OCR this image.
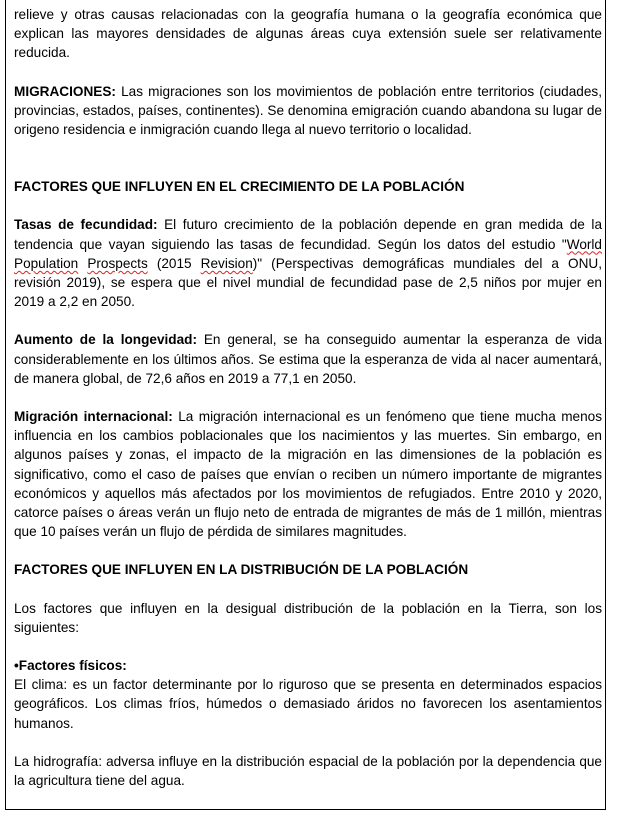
relieve y otras causas relacionadas con la geografía humana o la geografía económica que explican las mayores densidades de algunas áreas cuya extensión suele ser relativamente reducida.

MIGRACIONES: Las migraciones son los movimientos de población entre territorios (ciudades, provincias, estados, países, continentes). Se denomina emigración cuando abandona su lugar de origeno residencia e inmigración cuando llega al nuevo territorio o localidad.

FACTORES QUE INFLUYEN EN EL CRECIMIENTO DE LA POBLACIÓN

Tasas de fecundidad: El futuro crecimiento de la población depende en gran medida de la tendencia que vayan siguiendo las tasas de fecundidad. Según los datos del estudio "World Population Prospects (2015 Revision)" (Perspectivas demográficas mundiales del a ONU, revisión 2019), se espera que el nivel mundial de fecundidad pase de 2,5 niños por mujer en 2019 a 2,2 en 2050.

Aumento de la longevidad: En general, se ha conseguido aumentar la esperanza de vida considerablemente en los últimos años. Se estima que la esperanza de vida al nacer aumentará, de manera global, de 72,6 años en 2019 a 77,1 en 2050.

Migración internacional: La migración internacional es un fenómeno que tiene mucha menos influencia en los cambios poblacionales que los nacimientos y las muertes. Sin embargo, en algunos países y zonas, el impacto de la migración en las dimensiones de la población es significativo, como el caso de países que envían o reciben un número importante de migrantes económicos y aquellos más afectados por los movimientos de refugiados. Entre 2010 y 2020, catorce países o áreas verán un flujo neto de entrada de migrantes de más de 1 millón, mientras que 10 países verán un flujo de pérdida de similares magnitudes.

FACTORES QUE INFLUYEN EN LA DISTRIBUCIÓN DE LA POBLACIÓN

Los factores que influyen en la desigual distribución de la población en la Tierra, son los siguientes:

•Factores físicos:

El clima: es un factor determinante por lo riguroso que se presenta en determinados espacios geográficos. Los climas fríos, húmedos o demasiado áridos no favorecen los asentamientos humanos.

La hidrografía: adversa influye en la distribución espacial de la población por la dependencia que la agricultura tiene del agua.
